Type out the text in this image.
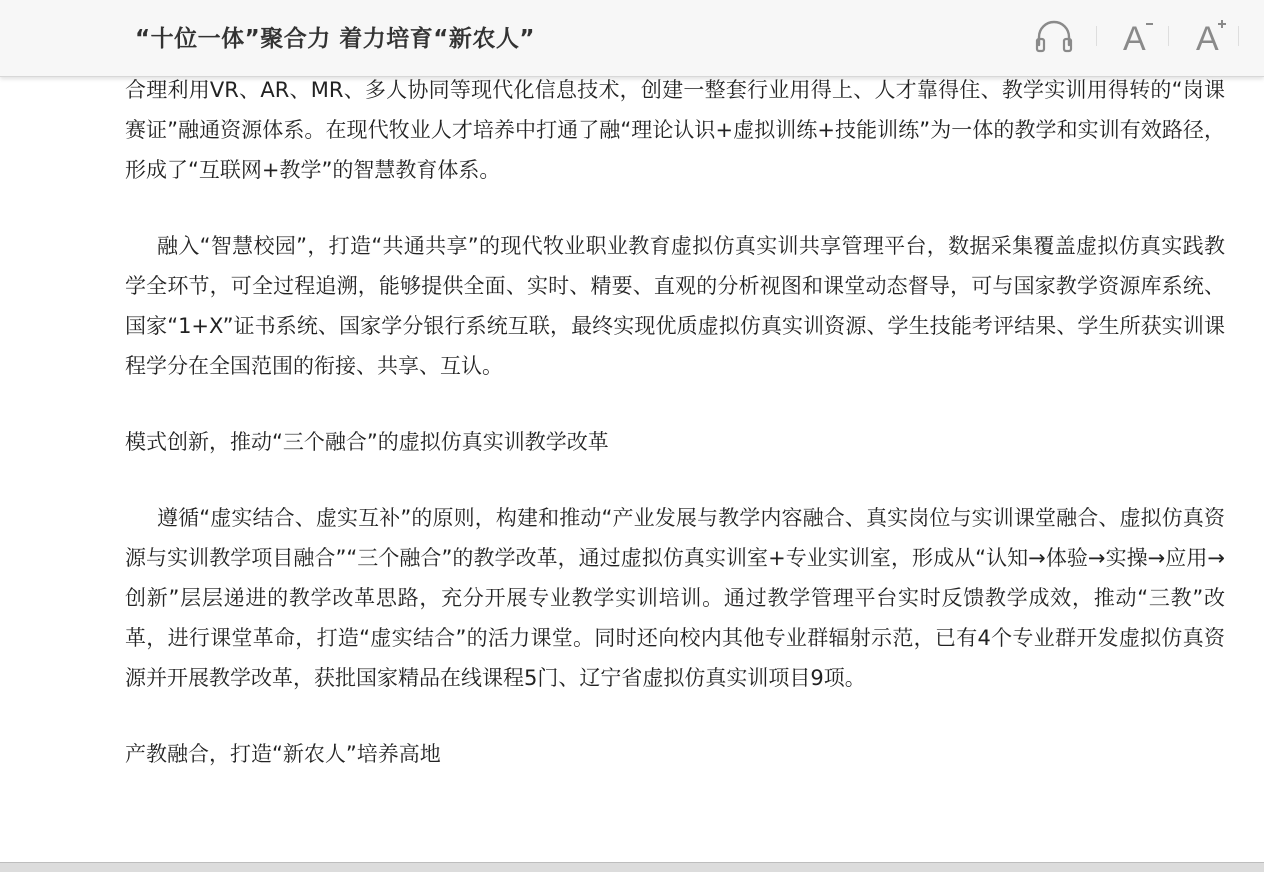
“十位一体”聚合力 着力培育“新农人”	A A

合理利用VR、AR、MR、多人协同等现代化信息技术，创建一整套行业用得上、人才靠得住、教学实训用得转的“岗课赛证”融通资源体系。在现代牧业人才培养中打通了融“理论认识+虚拟训练+技能训练”为一体的教学和实训有效路径，形成了“互联网+教学”的智慧教育体系。

融入“智慧校园”，打造“共通共享”的现代牧业职业教育虚拟仿真实训共享管理平台，数据采集覆盖虚拟仿真实践教学全环节，可全过程追溯，能够提供全面、实时、精要、直观的分析视图和课堂动态督导，可与国家教学资源库系统、国家“1+X”证书系统、国家学分银行系统互联，最终实现优质虚拟仿真实训资源、学生技能考评结果、学生所获实训课程学分在全国范围的衔接、共享、互认。

模式创新，推动“三个融合”的虚拟仿真实训教学改革

遵循“虚实结合、虚实互补”的原则，构建和推动“产业发展与教学内容融合、真实岗位与实训课堂融合、虚拟仿真资源与实训教学项目融合”“三个融合”的教学改革，通过虚拟仿真实训室+专业实训室，形成从“认知→体验→实操→应用→创新”层层递进的教学改革思路，充分开展专业教学实训培训。通过教学管理平台实时反馈教学成效，推动“三教”改革，进行课堂革命，打造“虚实结合”的活力课堂。同时还向校内其他专业群辐射示范，已有4个专业群开发虚拟仿真资源并开展教学改革，获批国家精品在线课程5门、辽宁省虚拟仿真实训项目9项。

产教融合，打造“新农人”培养高地
